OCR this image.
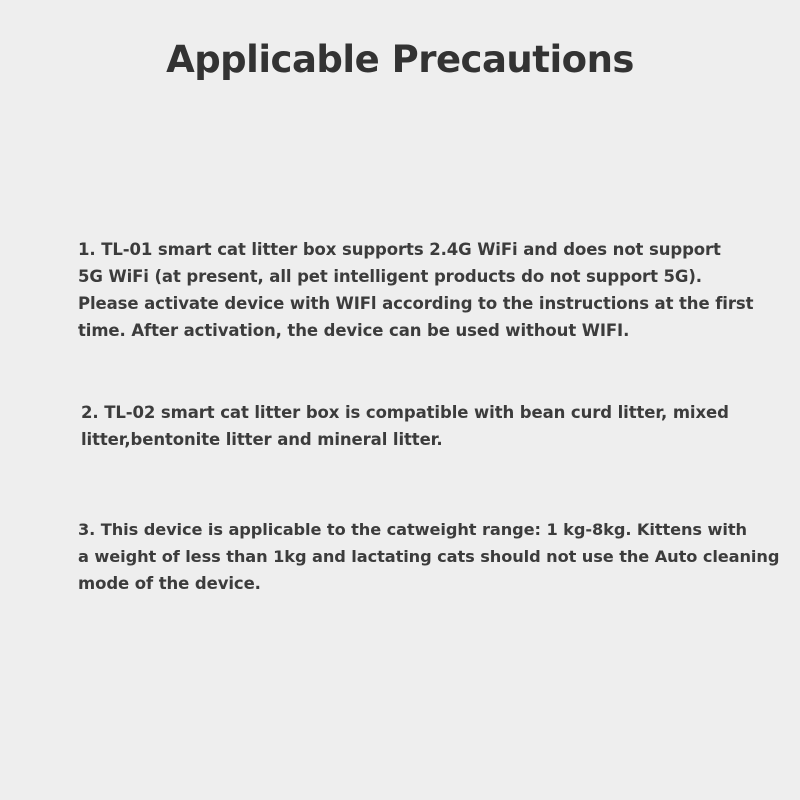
Applicable Precautions
1. TL-01 smart cat litter box supports 2.4G WiFi and does not support
5G WiFi (at present, all pet intelligent products do not support 5G).
Please activate device with WIFl according to the instructions at the first
time. After activation, the device can be used without WIFI.
2. TL-02 smart cat litter box is compatible with bean curd litter, mixed
litter,bentonite litter and mineral litter.
3. This device is applicable to the catweight range: 1 kg-8kg. Kittens with
a weight of less than 1kg and lactating cats should not use the Auto cleaning
mode of the device.
